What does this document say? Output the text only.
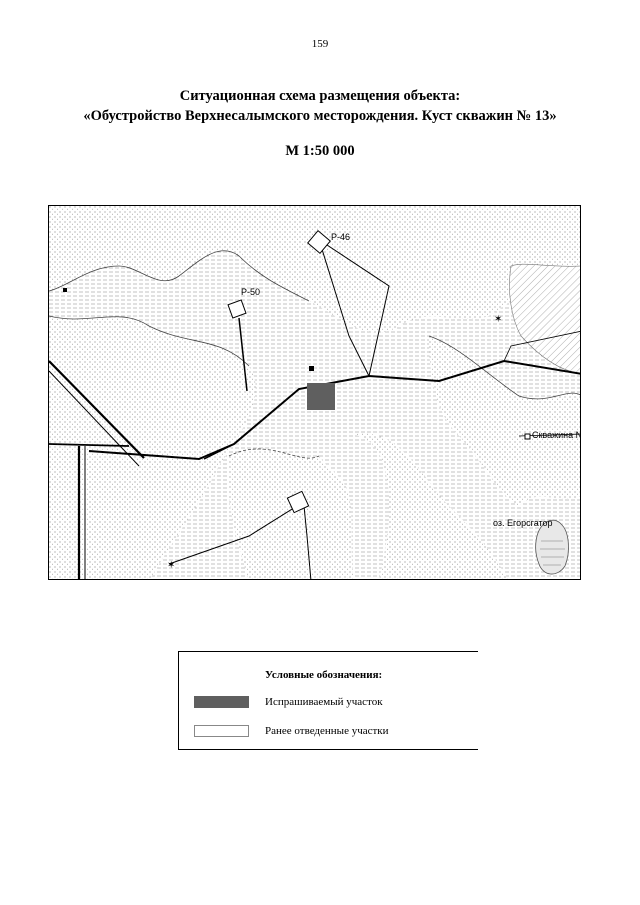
159
Ситуационная схема размещения объекта:
«Обустройство Верхнесалымского месторождения. Куст скважин № 13»
М 1:50 000
✶
✶
Р-46
Р-50
Скважина N
оз. Егорсгатор
Условные обозначения:
Испрашиваемый участок
Ранее отведенные участки
